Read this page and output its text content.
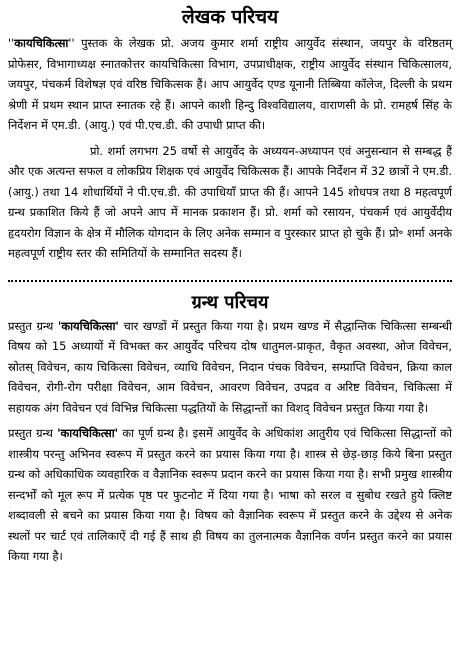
लेखक परिचय

''कायचिकित्सा'' पुस्तक के लेखक प्रो. अजय कुमार शर्मा राष्ट्रीय आयुर्वेद संस्थान, जयपुर के वरिष्ठतम् प्रोफेसर, विभागाध्यक्ष स्नातकोत्तर कायचिकित्सा विभाग, उपप्राधीक्षक, राष्ट्रीय आयुर्वेद संस्थान चिकित्सालय, जयपुर, पंचकर्म विशेषज्ञ एवं वरिष्ठ चिकित्सक हैं। आप आयुर्वेद एण्ड यूनानी तिब्बिया कॉलेज, दिल्ली के प्रथम श्रेणी में प्रथम स्थान प्राप्त स्नातक रहे हैं। आपने काशी हिन्दु विश्वविद्यालय, वाराणसी के प्रो. रामहर्ष सिंह के निर्देशन में एम.डी. (आयु.) एवं पी.एच.डी. की उपाधी प्राप्त की।

प्रो. शर्मा लगभग 25 वर्षो से आयुर्वेद के अध्ययन-अध्यापन एवं अनुसन्धान से सम्बद्ध हैं और एक अत्यन्त सफल व लोकप्रिय शिक्षक एवं आयुर्वेद चिकित्सक हैं। आपके निर्देशन में 32 छात्रों ने एम.डी. (आयु.) तथा 14 शोधार्थियों ने पी.एच.डी. की उपाधियाँ प्राप्त की हैं। आपने 145 शोधपत्र तथा 8 महत्वपूर्ण ग्रन्थ प्रकाशित किये हैं जो अपने आप में मानक प्रकाशन हैं। प्रो. शर्मा को रसायन, पंचकर्म एवं आयुर्वेदीय हृदयरोग विज्ञान के क्षेत्र में मौलिक योगदान के लिए अनेक सम्मान व पुरस्कार प्राप्त हो चुके हैं। प्रो॰ शर्मा अनके महत्वपूर्ण राष्ट्रीय स्तर की समितियों के सम्मानित सदस्य हैं।

ग्रन्थ परिचय

प्रस्तुत ग्रन्थ 'कायचिकित्सा' चार खण्डों में प्रस्तुत किया गया है। प्रथम खण्ड में सैद्धान्तिक चिकित्सा सम्बन्धी विषय को 15 अध्यायों में विभक्त कर आयुर्वेद परिचय दोष धातुमल-प्राकृत, वैकृत अवस्था, ओज विवेचन, स्रोतस् विवेचन, काय चिकित्सा विवेचन, व्याधि विवेचन, निदान पंचक विवेचन, सम्प्राप्ति विवेचन, क्रिया काल विवेचन, रोगी-रोग परीक्षा विवेचन, आम विवेचन, आवरण विवेचन, उपद्रव व अरिष्ट विवेचन, चिकित्सा में सहायक अंग विवेचन एवं विभिन्न चिकित्सा पद्धतियों के सिद्धान्तों का विशद् विवेचन प्रस्तुत किया गया है।

प्रस्तुत ग्रन्थ 'कायचिकित्सा' का पूर्ण ग्रन्थ है। इसमें आयुर्वेद के अधिकांश आतुरीय एवं चिकित्सा सिद्धान्तों को शास्त्रीय परन्तु अभिनव स्वरूप में प्रस्तुत करने का प्रयास किया गया है। शास्त्र से छेड़-छाड़ किये बिना प्रस्तुत ग्रन्थ को अधिकाधिक व्यवहारिक व वैज्ञानिक स्वरूप प्रदान करने का प्रयास किया गया है। सभी प्रमुख शास्त्रीय सन्दर्भों को मूल रूप में प्रत्येक पृष्ठ पर फुटनोट में दिया गया है। भाषा को सरल व सुबोध रखते हुये क्लिष्ट शब्दावली से बचने का प्रयास किया गया है। विषय को वैज्ञानिक स्वरूप में प्रस्तुत करने के उद्देश्य से अनेक स्थलों पर चार्ट एवं तालिकाऐं दी गई हैं साथ ही विषय का तुलनात्मक वैज्ञानिक वर्णन प्रस्तुत करने का प्रयास किया गया है।
